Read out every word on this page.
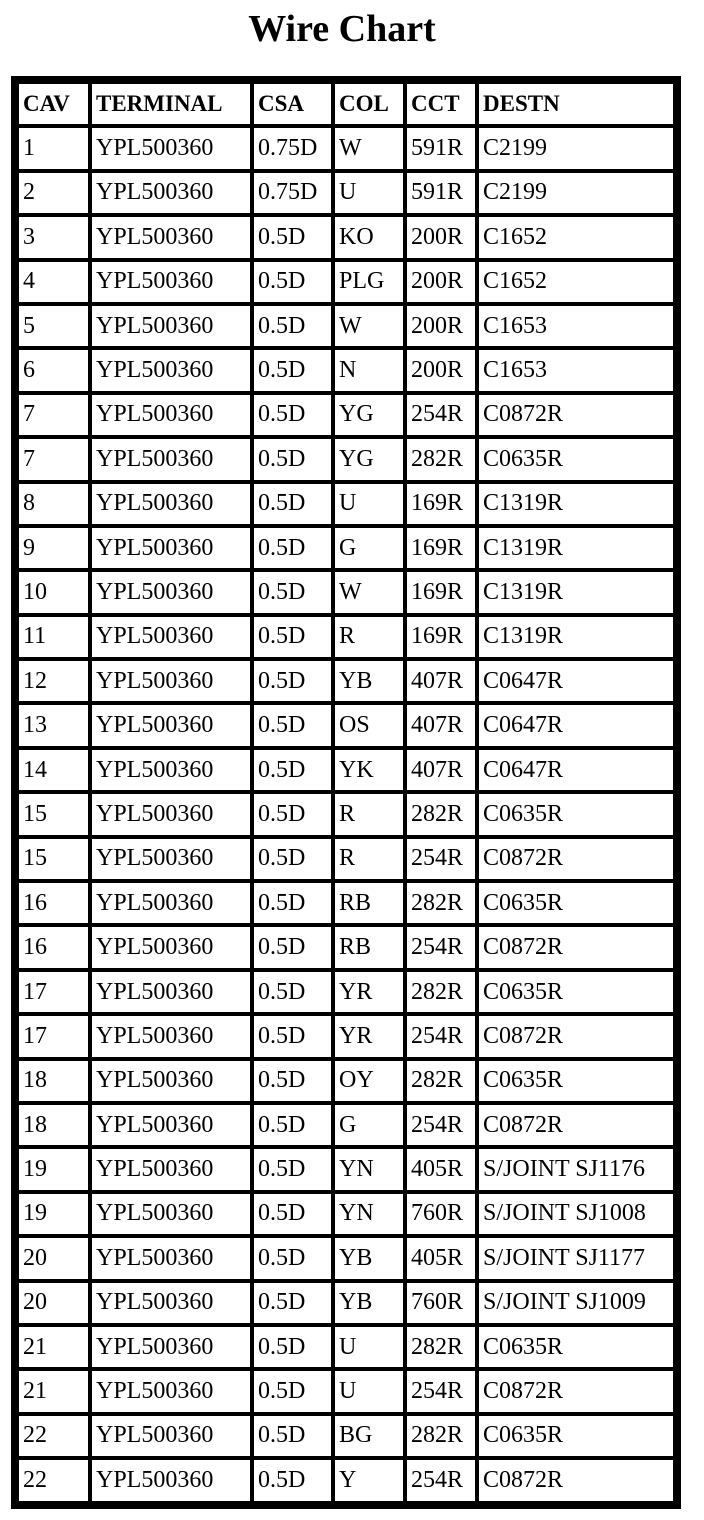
Wire Chart
CAV	TERMINAL	CSA	COL	CCT	DESTN
1	YPL500360	0.75D	W	591R	C2199
2	YPL500360	0.75D	U	591R	C2199
3	YPL500360	0.5D	KO	200R	C1652
4	YPL500360	0.5D	PLG	200R	C1652
5	YPL500360	0.5D	W	200R	C1653
6	YPL500360	0.5D	N	200R	C1653
7	YPL500360	0.5D	YG	254R	C0872R
7	YPL500360	0.5D	YG	282R	C0635R
8	YPL500360	0.5D	U	169R	C1319R
9	YPL500360	0.5D	G	169R	C1319R
10	YPL500360	0.5D	W	169R	C1319R
11	YPL500360	0.5D	R	169R	C1319R
12	YPL500360	0.5D	YB	407R	C0647R
13	YPL500360	0.5D	OS	407R	C0647R
14	YPL500360	0.5D	YK	407R	C0647R
15	YPL500360	0.5D	R	282R	C0635R
15	YPL500360	0.5D	R	254R	C0872R
16	YPL500360	0.5D	RB	282R	C0635R
16	YPL500360	0.5D	RB	254R	C0872R
17	YPL500360	0.5D	YR	282R	C0635R
17	YPL500360	0.5D	YR	254R	C0872R
18	YPL500360	0.5D	OY	282R	C0635R
18	YPL500360	0.5D	G	254R	C0872R
19	YPL500360	0.5D	YN	405R	S/JOINT SJ1176
19	YPL500360	0.5D	YN	760R	S/JOINT SJ1008
20	YPL500360	0.5D	YB	405R	S/JOINT SJ1177
20	YPL500360	0.5D	YB	760R	S/JOINT SJ1009
21	YPL500360	0.5D	U	282R	C0635R
21	YPL500360	0.5D	U	254R	C0872R
22	YPL500360	0.5D	BG	282R	C0635R
22	YPL500360	0.5D	Y	254R	C0872R
